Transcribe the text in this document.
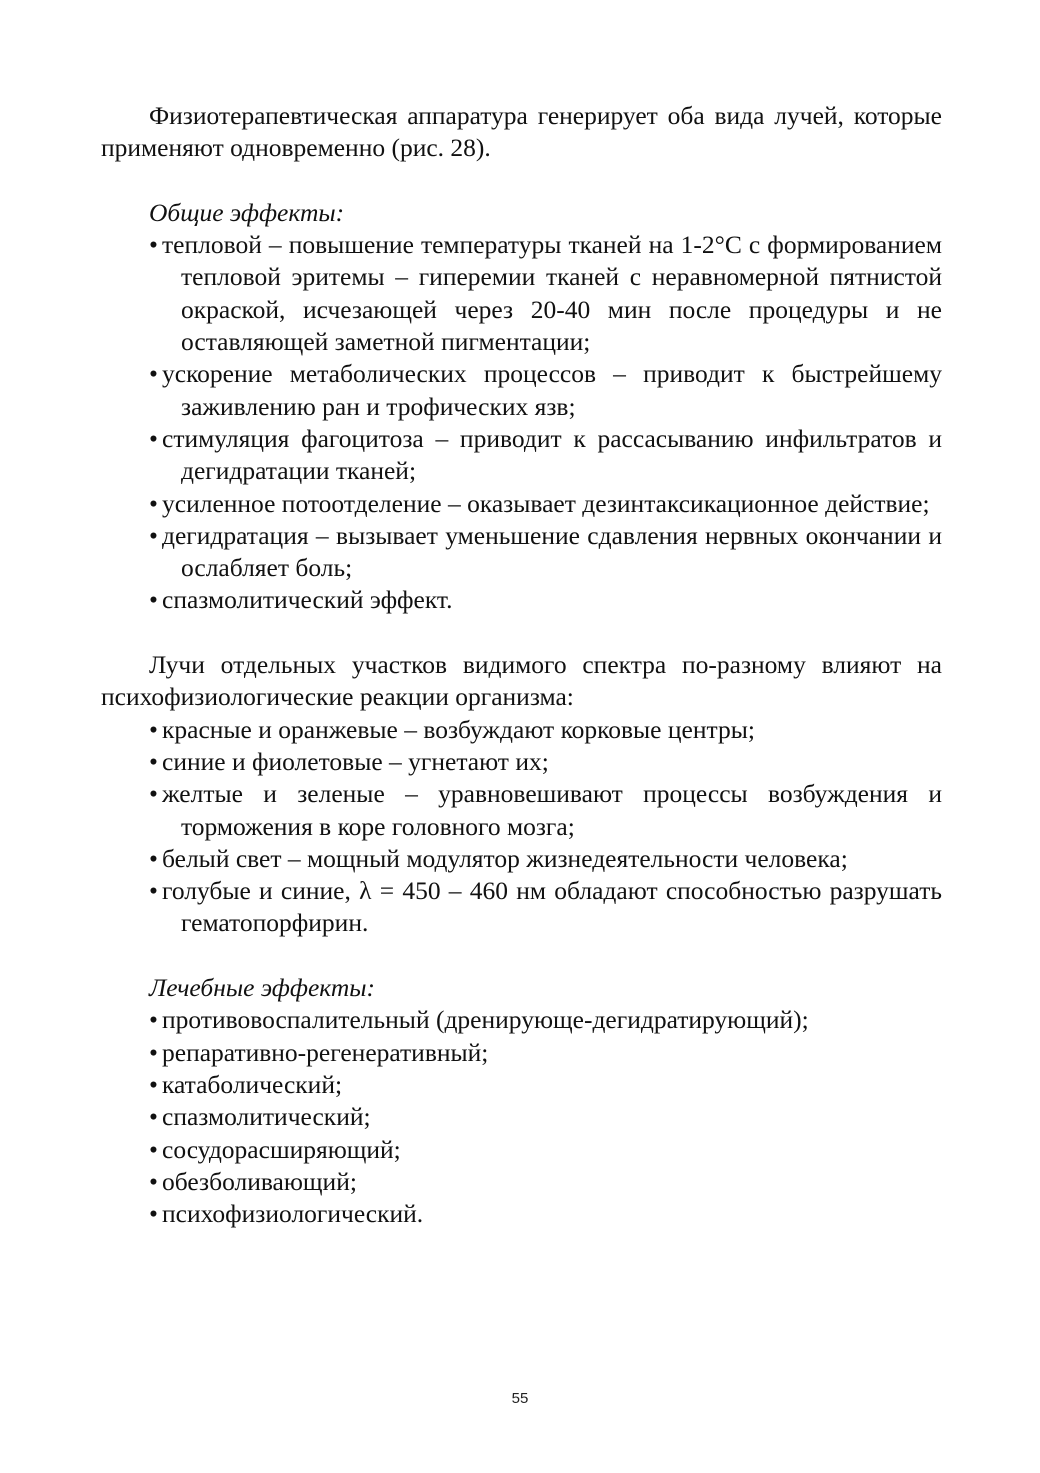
Физиотерапевтическая аппаратура генерирует оба вида лучей, которые применяют одновременно (рис. 28).

Общие эффекты:

• тепловой – повышение температуры тканей на 1-2°С с формированием тепловой эритемы – гиперемии тканей с неравномерной пятнистой окраской, исчезающей через 20-40 мин после процедуры и не оставляющей заметной пигментации;
• ускорение метаболических процессов – приводит к быстрейшему заживлению ран и трофических язв;
• стимуляция фагоцитоза – приводит к рассасыванию инфильтратов и дегидратации тканей;
• усиленное потоотделение – оказывает дезинтаксикационное действие;
• дегидратация – вызывает уменьшение сдавления нервных окончании и ослабляет боль;
• спазмолитический эффект.

Лучи отдельных участков видимого спектра по-разному влияют на психофизиологические реакции организма:

• красные и оранжевые – возбуждают корковые центры;
• синие и фиолетовые – угнетают их;
• желтые и зеленые – уравновешивают процессы возбуждения и торможения в коре головного мозга;
• белый свет – мощный модулятор жизнедеятельности человека;
• голубые и синие, λ = 450 – 460 нм обладают способностью разрушать гематопорфирин.

Лечебные эффекты:

• противовоспалительный (дренирующе-дегидратирующий);
• репаративно-регенеративный;
• катаболический;
• спазмолитический;
• сосудорасширяющий;
• обезболивающий;
• психофизиологический.
55
